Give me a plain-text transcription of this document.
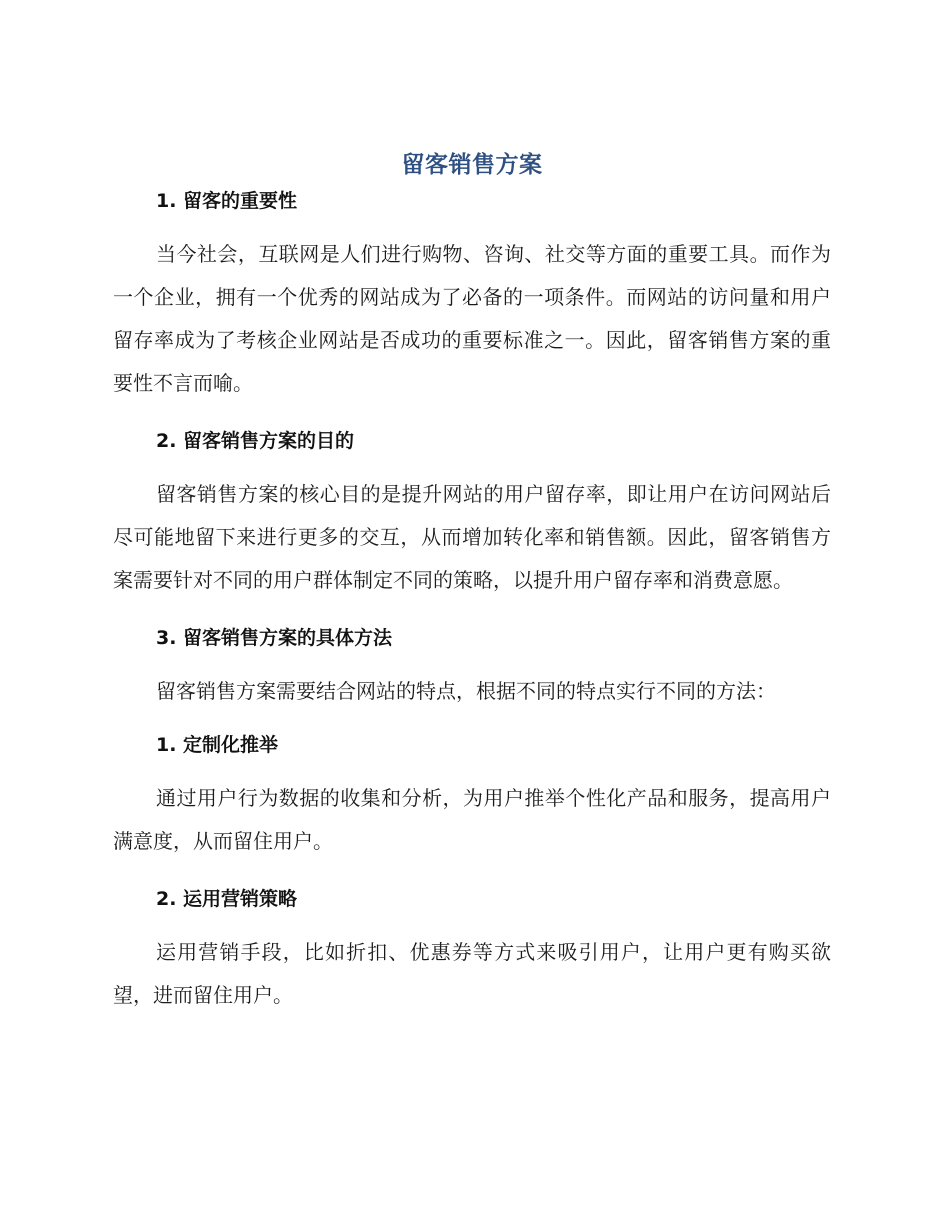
留客销售方案
1. 留客的重要性

当今社会，互联网是人们进行购物、咨询、社交等方面的重要工具。而作为一个企业，拥有一个优秀的网站成为了必备的一项条件。而网站的访问量和用户留存率成为了考核企业网站是否成功的重要标准之一。因此，留客销售方案的重要性不言而喻。

2. 留客销售方案的目的

留客销售方案的核心目的是提升网站的用户留存率，即让用户在访问网站后尽可能地留下来进行更多的交互，从而增加转化率和销售额。因此，留客销售方案需要针对不同的用户群体制定不同的策略，以提升用户留存率和消费意愿。

3. 留客销售方案的具体方法

留客销售方案需要结合网站的特点，根据不同的特点实行不同的方法：

1. 定制化推举

通过用户行为数据的收集和分析，为用户推举个性化产品和服务，提高用户满意度，从而留住用户。

2. 运用营销策略

运用营销手段，比如折扣、优惠券等方式来吸引用户，让用户更有购买欲望，进而留住用户。
